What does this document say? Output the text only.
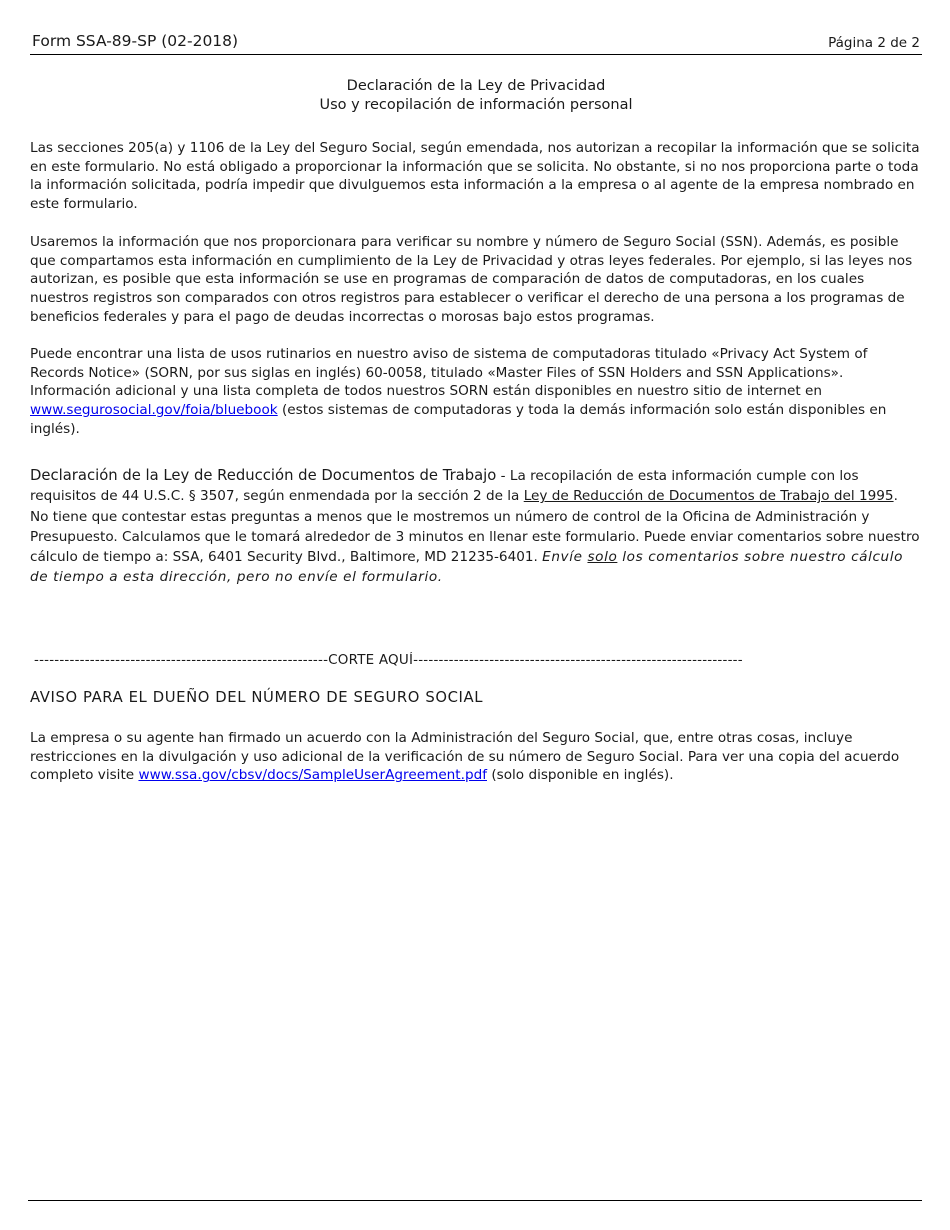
Form SSA-89-SP (02-2018)	Página 2 de 2
Declaración de la Ley de Privacidad
Uso y recopilación de información personal

Las secciones 205(a) y 1106 de la Ley del Seguro Social, según emendada, nos autorizan a recopilar la información que se solicita en este formulario. No está obligado a proporcionar la información que se solicita. No obstante, si no nos proporciona parte o toda la información solicitada, podría impedir que divulguemos esta información a la empresa o al agente de la empresa nombrado en este formulario.

Usaremos la información que nos proporcionara para verificar su nombre y número de Seguro Social (SSN). Además, es posible que compartamos esta información en cumplimiento de la Ley de Privacidad y otras leyes federales. Por ejemplo, si las leyes nos autorizan, es posible que esta información se use en programas de comparación de datos de computadoras, en los cuales nuestros registros son comparados con otros registros para establecer o verificar el derecho de una persona a los programas de beneficios federales y para el pago de deudas incorrectas o morosas bajo estos programas.

Puede encontrar una lista de usos rutinarios en nuestro aviso de sistema de computadoras titulado «Privacy Act System of Records Notice» (SORN, por sus siglas en inglés) 60-0058, titulado «Master Files of SSN Holders and SSN Applications». Información adicional y una lista completa de todos nuestros SORN están disponibles en nuestro sitio de internet en www.segurosocial.gov/foia/bluebook (estos sistemas de computadoras y toda la demás información solo están disponibles en inglés).

Declaración de la Ley de Reducción de Documentos de Trabajo - La recopilación de esta información cumple con los requisitos de 44 U.S.C. § 3507, según enmendada por la sección 2 de la Ley de Reducción de Documentos de Trabajo del 1995. No tiene que contestar estas preguntas a menos que le mostremos un número de control de la Oficina de Administración y Presupuesto. Calculamos que le tomará alrededor de 3 minutos en llenar este formulario. Puede enviar comentarios sobre nuestro cálculo de tiempo a: SSA, 6401 Security Blvd., Baltimore, MD 21235-6401. Envíe solo los comentarios sobre nuestro cálculo de tiempo a esta dirección, pero no envíe el formulario.

----------------------------------------------------------CORTE AQUÍ-----------------------------------------------------------------
AVISO PARA EL DUEÑO DEL NÚMERO DE SEGURO SOCIAL

La empresa o su agente han firmado un acuerdo con la Administración del Seguro Social, que, entre otras cosas, incluye restricciones en la divulgación y uso adicional de la verificación de su número de Seguro Social. Para ver una copia del acuerdo completo visite www.ssa.gov/cbsv/docs/SampleUserAgreement.pdf (solo disponible en inglés).
